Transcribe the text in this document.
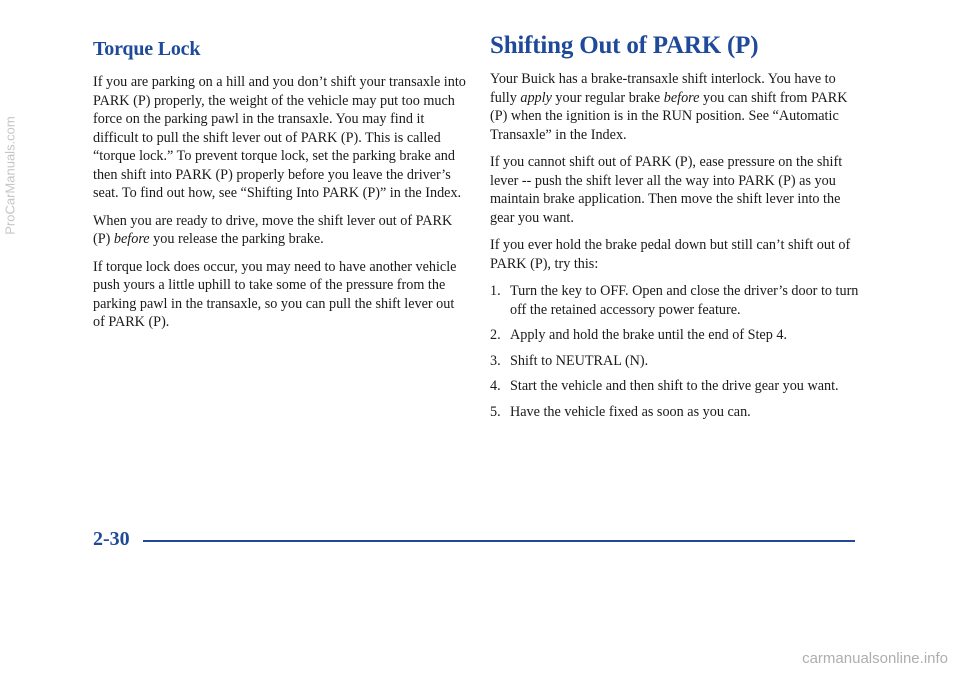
Torque Lock

If you are parking on a hill and you don’t shift your transaxle into PARK (P) properly, the weight of the vehicle may put too much force on the parking pawl in the transaxle. You may find it difficult to pull the shift lever out of PARK (P). This is called “torque lock.” To prevent torque lock, set the parking brake and then shift into PARK (P) properly before you leave the driver’s seat. To find out how, see “Shifting Into PARK (P)” in the Index.

When you are ready to drive, move the shift lever out of PARK (P) before you release the parking brake.

If torque lock does occur, you may need to have another vehicle push yours a little uphill to take some of the pressure from the parking pawl in the transaxle, so you can pull the shift lever out of PARK (P).

Shifting Out of PARK (P)

Your Buick has a brake-transaxle shift interlock. You have to fully apply your regular brake before you can shift from PARK (P) when the ignition is in the RUN position. See “Automatic Transaxle” in the Index.

If you cannot shift out of PARK (P), ease pressure on the shift lever -- push the shift lever all the way into PARK (P) as you maintain brake application. Then move the shift lever into the gear you want.

If you ever hold the brake pedal down but still can’t shift out of PARK (P), try this:

1. Turn the key to OFF. Open and close the driver’s door to turn off the retained accessory power feature.
2. Apply and hold the brake until the end of Step 4.
3. Shift to NEUTRAL (N).
4. Start the vehicle and then shift to the drive gear you want.
5. Have the vehicle fixed as soon as you can.
2-30
ProCarManuals.com
carmanualsonline.info
